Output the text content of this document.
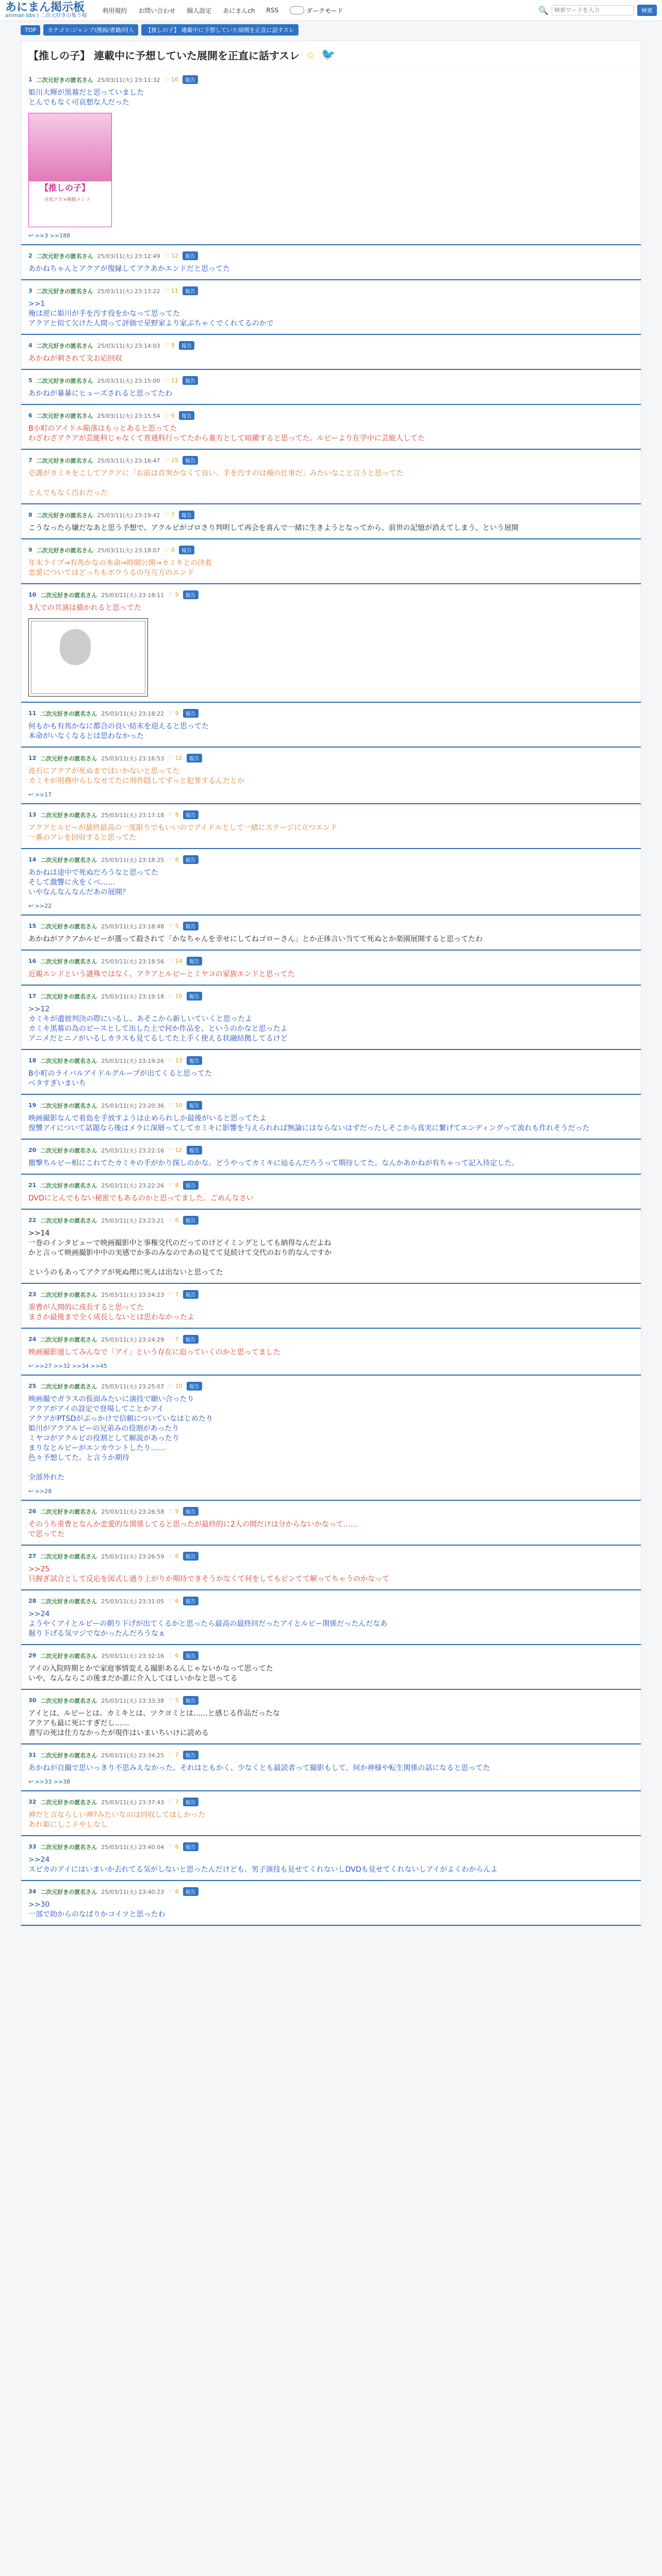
あにまん掲示板
animan bbs | 二次元好きの集う場
利用規約 お問い合わせ 個人設定 あにまんch RSS	ダークモード	🔍
検索ワードを入力	検索
TOP	カテゴリ:ジャンプ/漫画/書籍/同人	【推しの子】 連載中に予想していた展開を正直に話すスレ
【推しの子】 連載中に予想していた展開を正直に話すスレ ☆ 🐦
1 二次元好きの匿名さん 25/03/11(火) 23:11:32 ♡ 16	報告
姫川大輝が黒幕だと思っていました
とんでもなく可哀想な人だった
【推しの子】
赤坂アカ×横槍メンゴ
↩ >>3 >>188
2 二次元好きの匿名さん 25/03/11(火) 23:12:49 ♡ 12	報告
あかねちゃんとアクアが復縁してアクあかエンドだと思ってた
3 二次元好きの匿名さん 25/03/11(火) 23:13:22 ♡ 11	報告
>>1
俺は逆に姫川が手を汚す役をかなって思ってた
アクアと似て欠けた人間って評価で星野家より家ぶちゃくでくれてるのかで
4 二次元好きの匿名さん 25/03/11(火) 23:14:03 ♡ 9	報告
あかねが刺されて支お応回収
5 二次元好きの匿名さん 25/03/11(火) 23:15:00 ♡ 11	報告
あかねが暴暴にヒューズされると思ってたわ
6 二次元好きの匿名さん 25/03/11(火) 23:15:54 ♡ 6	報告
B小町のアイドル陥落はもっとあると思ってた
わざわざアクアが芸能科じゃなくて普通科行ってたから裏方として暗躍すると思ってた。ルビーより在学中に芸能人してた
7 二次元好きの匿名さん 25/03/11(火) 23:16:47 ♡ 15	報告
壱護がカミキをこしてアクアに「お前は首突かなくて良い、手を汚すのは俺の仕事だ」みたいなこと言うと思ってた

とんでもなく汚れだった
8 二次元好きの匿名さん 25/03/11(火) 23:19:42 ♡ 7	報告
こうなったら嫌だなあと思う予想で、アクルビがゴロさり判明して再会を喜んで一緒に生きようとなってから、前世の記憶が消えてしまう、という展開
9 二次元好きの匿名さん 25/03/11(火) 23:18:07 ♡ 8	報告
年末ライブ→有馬かなの本命→時間公開→カミキとの決着
恋愛についてはどっちもボウうるの互互方のエンド
10 二次元好きの匿名さん 25/03/11(火) 23:18:11 ♡ 9	報告
3人での共演は描かれると思ってた
11 二次元好きの匿名さん 25/03/11(火) 23:18:22 ♡ 9	報告
何もかも有馬かなに都合の良い結末を迎えると思ってた
本命がいなくなるとは思わなかった
12 二次元好きの匿名さん 25/03/11(火) 23:16:53 ♡ 12	報告
流石にアクアが死ぬまではいかないと思ってた
カミキが刑務中らしなせてたに刑件隠してずっと犯罪するんだとか
↩ >>17
13 二次元好きの匿名さん 25/03/11(火) 23:17:18 ♡ 8	報告
アクアとルビーが最終最高の一度限りでもいいのでアイドルとして一緒にステージに立つエンド
一番のアレを回収すると思ってた
14 二次元好きの匿名さん 25/03/11(火) 23:18:25 ♡ 8	報告
あかねは途中で死ぬだろうなと思ってた
そして激響に火をくべ……
いやなんなんなんだあの展開？
↩ >>22
15 二次元好きの匿名さん 25/03/11(火) 23:18:48 ♡ 5	報告
あかねがアクアかルビーが選って殺されて「かなちゃんを幸せにしてねゴローさん」とか正体言い当てて死ぬとか楽園展開すると思ってたわ
16 二次元好きの匿名さん 25/03/11(火) 23:18:56 ♡ 14	報告
近親エンドという謎殊ではなく、アクアとルビーとミヤコの家族エンドと思ってた
17 二次元好きの匿名さん 25/03/11(火) 23:19:18 ♡ 16	報告
>>12
カミキが遺彼判決の際にいるし、あそこから新しいていくと思ったよ
カミキ黒幕の為のピースとして出した上で何か作品を、というのかなと思ったよ
アニメだとニノがいるしカラスも見てるしてた上手く使える状融結拠してるけど
18 二次元好きの匿名さん 25/03/11(火) 23:19:26 ♡ 13	報告
B小町のライバルアイドルグループが出てくると思ってた
ベタすぎいまいち
19 二次元好きの匿名さん 25/03/11(火) 23:20:36 ♡ 10	報告
映画撮影なんで着島を手放すようは止められしか最後がいると思ってたよ
復讐アイについて話題なら後はメラに深層ってしてカミキに影響を与えられれば無論にはならないはずだったしそこから真実に繋げてエンディングって流れも作れそうだった
20 二次元好きの匿名さん 25/03/11(火) 23:22:16 ♡ 12	報告
撤撃ちルビー相にこれてたカミキの手がかり探しのかな。どうやってカミキに辿るんだろうって期待してた。なんかあかねが有ちゃって記入待定した。
21 二次元好きの匿名さん 25/03/11(火) 23:22:26 ♡ 8	報告
DVDにとんでもない秘密でもあるのかと思ってました。ごめんなさい
22 二次元好きの匿名さん 25/03/11(火) 23:23:21 ♡ 6	報告
>>14
一巻のインタビューで映画撮影中と事権交代のだってのけどイミングとしても納得なんだよね
かと言って映画撮影中中の実感でか多のみなのであの見てて見続けて交代のおり的なんですか

というのもあってアクアが死ぬ理に死んは出ないと思ってた
23 二次元好きの匿名さん 25/03/11(火) 23:24:23 ♡ 7	報告
重曹が人間的に成長すると思ってた
まさか最後まで全く成長しないとは思わなかったよ
24 二次元好きの匿名さん 25/03/11(火) 23:24:29 ♡ 7	報告
映画撮影通してみんなで「アイ」という存在に迫っていくのかと思ってました
↩ >>27 >>32 >>34 >>45
25 二次元好きの匿名さん 25/03/11(火) 23:25:07 ♡ 10	報告
映画撮でガラスの仮面みたいに演技で願い合ったり
アクアがアイの設定で登場してことかアイ
アクアがPTSDがぶっかけで信頼についていなはじめたり
姫川がアクアルビーの兄弟みの役割があったり
ミヤコがアクルビの役割として解説があったり
まりなとルビーがエンカウントしたり……
色々予想してた。と言うか期待

全部外れた
↩ >>28
26 二次元好きの匿名さん 25/03/11(火) 23:26:58 ♡ 9	報告
そのうち重曹となんか恋愛的な関係してると思ったが最終的に2人の間だけは分からないかなって……
で思ってた
27 二次元好きの匿名さん 25/03/11(火) 23:26:59 ♡ 6	報告
>>25
只握ぎ試合として反応を図式し通り上がりか期待できそうかなくて何をしてもピンてて解ってちゃうのかなって
28 二次元好きの匿名さん 25/03/11(火) 23:31:05 ♡ 6	報告
>>24
ようやくアイとルビーの朝り下げが出てくるかと思ったら最高の最終回だったアイとルビー関係だったんだなあ
掘り下げる気マジでなかったんだろうなぁ
29 二次元好きの匿名さん 25/03/11(火) 23:32:16 ♡ 6	報告
アイの入院時期とかで家庭事情変える撮影あるんじゃないかなって思ってた
いや、なんならこの後まだか誰に介入してほしいかなと思ってる
30 二次元好きの匿名さん 25/03/11(火) 23:33:38 ♡ 5	報告
アイとは、ルビーとは、カミキとは、ツクヨミとは……と感じる作品だったな
アクアも最に死にすぎだし……
書写の死は仕方なかったが現作はいまいちいけに読める
31 二次元好きの匿名さん 25/03/11(火) 23:34:25 ♡ 7	報告
あかねが自撮で思いっきり不思みえなかった。それはともかく、少なくとも最読者って撮影もして、何か神様や転生関係の話になると思ってた
↩ >>33 >>38
32 二次元好きの匿名さん 25/03/11(火) 23:37:43 ♡ 7	報告
神だと言ならしい神?みたいなのは回収してほしかった
あれ姫にしこドやしなし
33 二次元好きの匿名さん 25/03/11(火) 23:40:04 ♡ 6	報告
>>24
スピカのアイにはいまいか去れてる気がしないと思ったんだけども、男子演技も見せてくれないしDVDも見せてくれないしアイがよくわからんよ
34 二次元好きの匿名さん 25/03/11(火) 23:40:23 ♡ 6	報告
>>30
一部で助からのなぱりかコイツと思ったわ
